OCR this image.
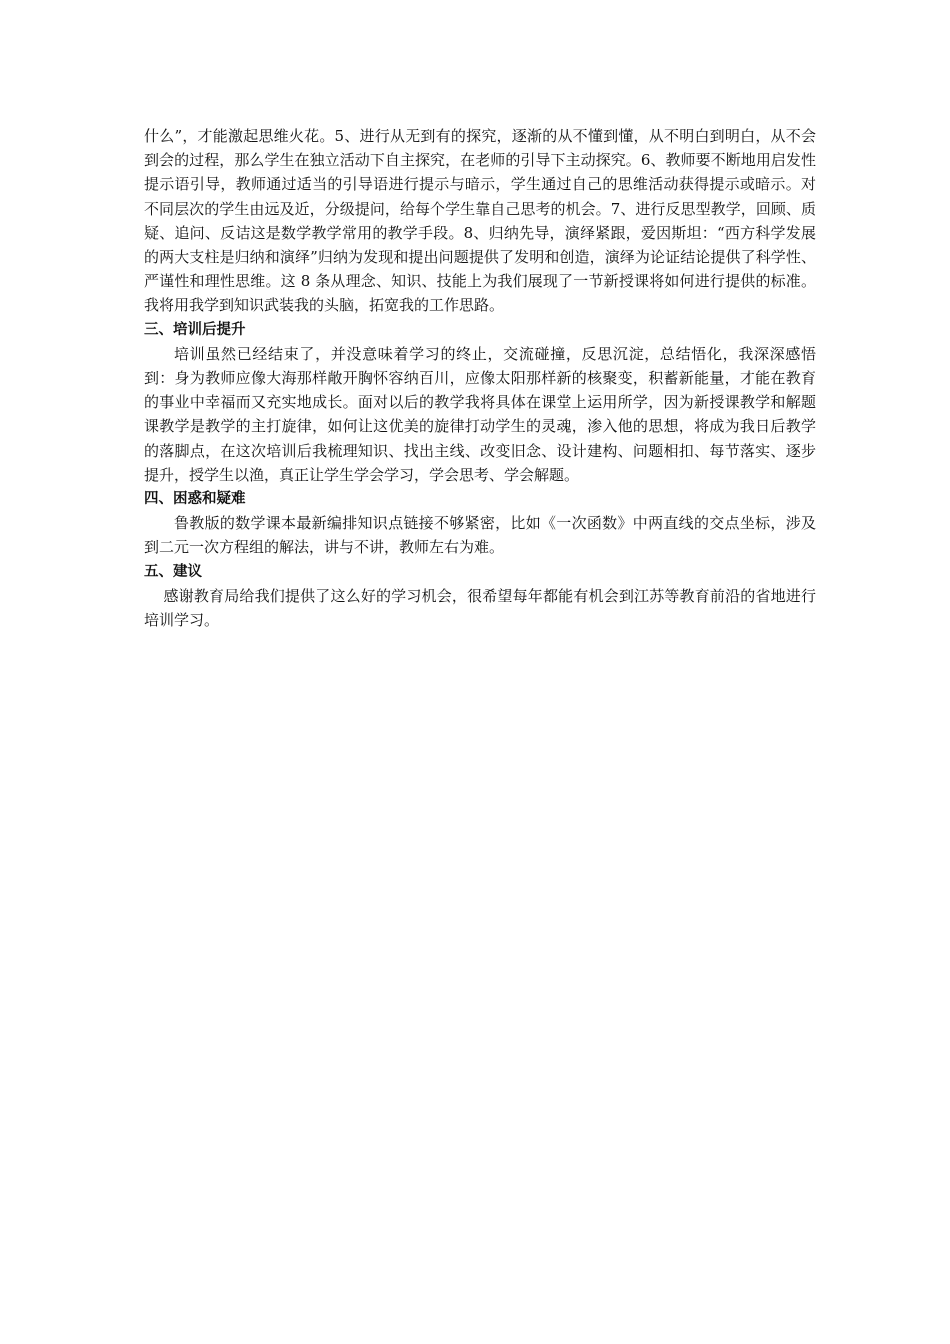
什么”，才能激起思维火花。5、进行从无到有的探究，逐渐的从不懂到懂，从不明白到明白，从不会到会的过程，那么学生在独立活动下自主探究，在老师的引导下主动探究。6、教师要不断地用启发性提示语引导，教师通过适当的引导语进行提示与暗示，学生通过自己的思维活动获得提示或暗示。对不同层次的学生由远及近，分级提问，给每个学生靠自己思考的机会。7、进行反思型教学，回顾、质疑、追问、反诘这是数学教学常用的教学手段。8、归纳先导，演绎紧跟，爱因斯坦：“西方科学发展的两大支柱是归纳和演绎”归纳为发现和提出问题提供了发明和创造，演绎为论证结论提供了科学性、严谨性和理性思维。这 8 条从理念、知识、技能上为我们展现了一节新授课将如何进行提供的标准。我将用我学到知识武装我的头脑，拓宽我的工作思路。

三、培训后提升

培训虽然已经结束了，并没意味着学习的终止，交流碰撞，反思沉淀，总结悟化，我深深感悟到：身为教师应像大海那样敞开胸怀容纳百川，应像太阳那样新的核聚变，积蓄新能量，才能在教育的事业中幸福而又充实地成长。面对以后的教学我将具体在课堂上运用所学，因为新授课教学和解题课教学是教学的主打旋律，如何让这优美的旋律打动学生的灵魂，渗入他的思想，将成为我日后教学的落脚点，在这次培训后我梳理知识、找出主线、改变旧念、设计建构、问题相扣、每节落实、逐步提升，授学生以渔，真正让学生学会学习，学会思考、学会解题。

四、困惑和疑难

鲁教版的数学课本最新编排知识点链接不够紧密，比如《一次函数》中两直线的交点坐标，涉及到二元一次方程组的解法，讲与不讲，教师左右为难。

五、建议

感谢教育局给我们提供了这么好的学习机会，很希望每年都能有机会到江苏等教育前沿的省地进行培训学习。
